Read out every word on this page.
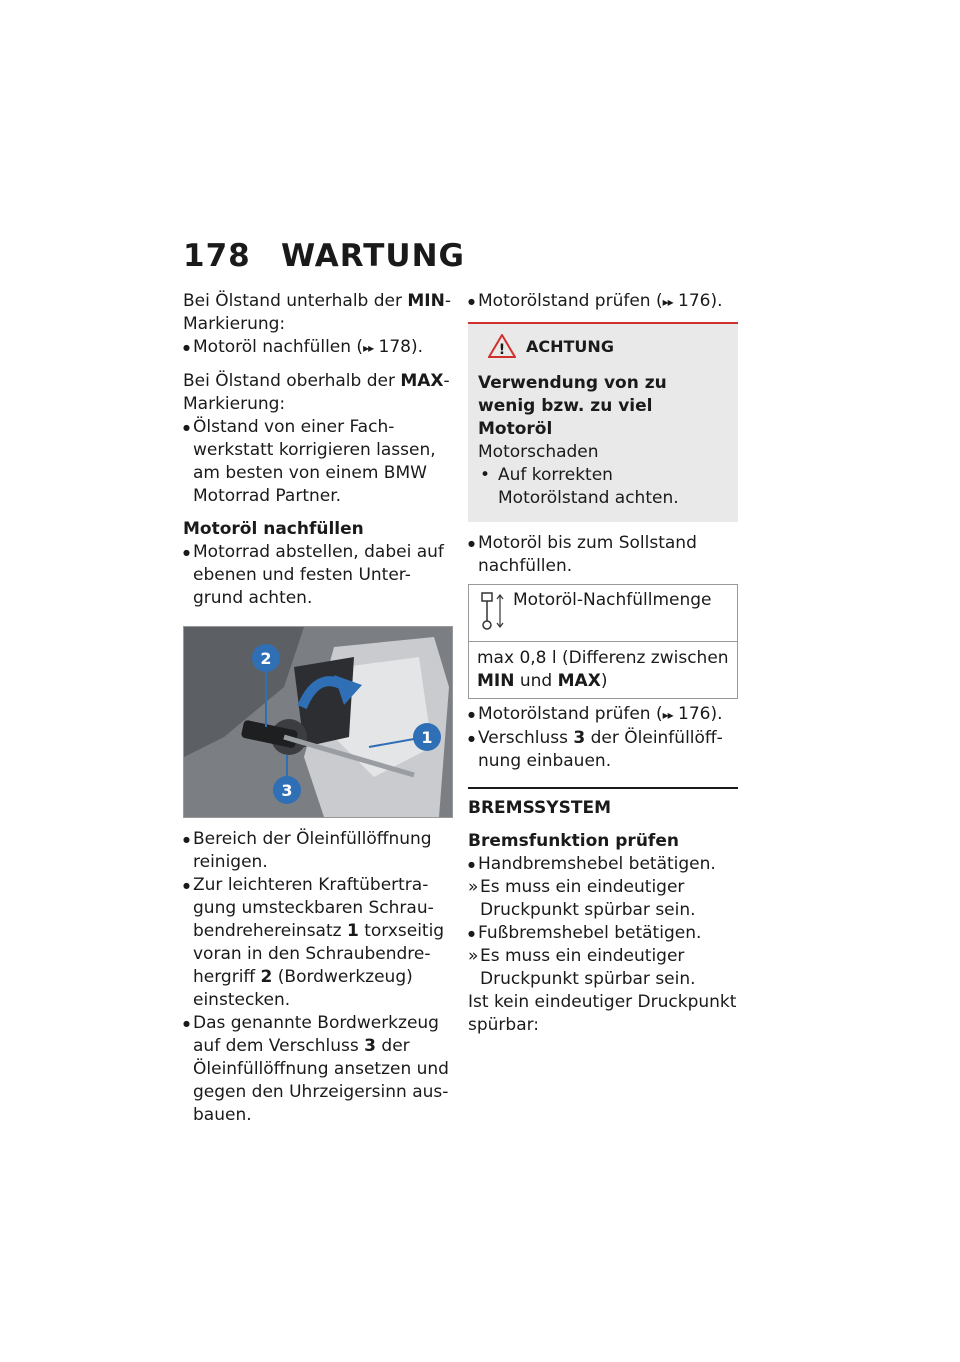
178 WARTUNG

Bei Ölstand unterhalb der MIN-Markierung:

● Motoröl nachfüllen (▸▸ 178).

Bei Ölstand oberhalb der MAX-Markierung:

● Ölstand von einer Fach-werkstatt korrigieren lassen, am besten von einem BMW Motorrad Partner.

Motoröl nachfüllen

● Motorrad abstellen, dabei auf ebenen und festen Unter-grund achten.

1
2
3

● Bereich der Öleinfüllöffnung reinigen.

● Zur leichteren Kraftübertra-gung umsteckbaren Schrau-bendrehereinsatz 1 torxseitig voran in den Schraubendre-hergriff 2 (Bordwerkzeug) einstecken.

● Das genannte Bordwerkzeug auf dem Verschluss 3 der Öleinfüllöffnung ansetzen und gegen den Uhrzeigersinn aus-bauen.

● Motorölstand prüfen (▸▸ 176).

! ACHTUNG

Verwendung von zu wenig bzw. zu viel Motoröl

Motorschaden

• Auf korrekten Motorölstand achten.

● Motoröl bis zum Sollstand nachfüllen.

Motoröl-Nachfüllmenge
max 0,8 l (Differenz zwischen MIN und MAX)

● Motorölstand prüfen (▸▸ 176).

● Verschluss 3 der Öleinfüllöff-nung einbauen.

BREMSSYSTEM

Bremsfunktion prüfen

● Handbremshebel betätigen.

» Es muss ein eindeutiger Druckpunkt spürbar sein.

● Fußbremshebel betätigen.

» Es muss ein eindeutiger Druckpunkt spürbar sein.

Ist kein eindeutiger Druckpunkt spürbar:
